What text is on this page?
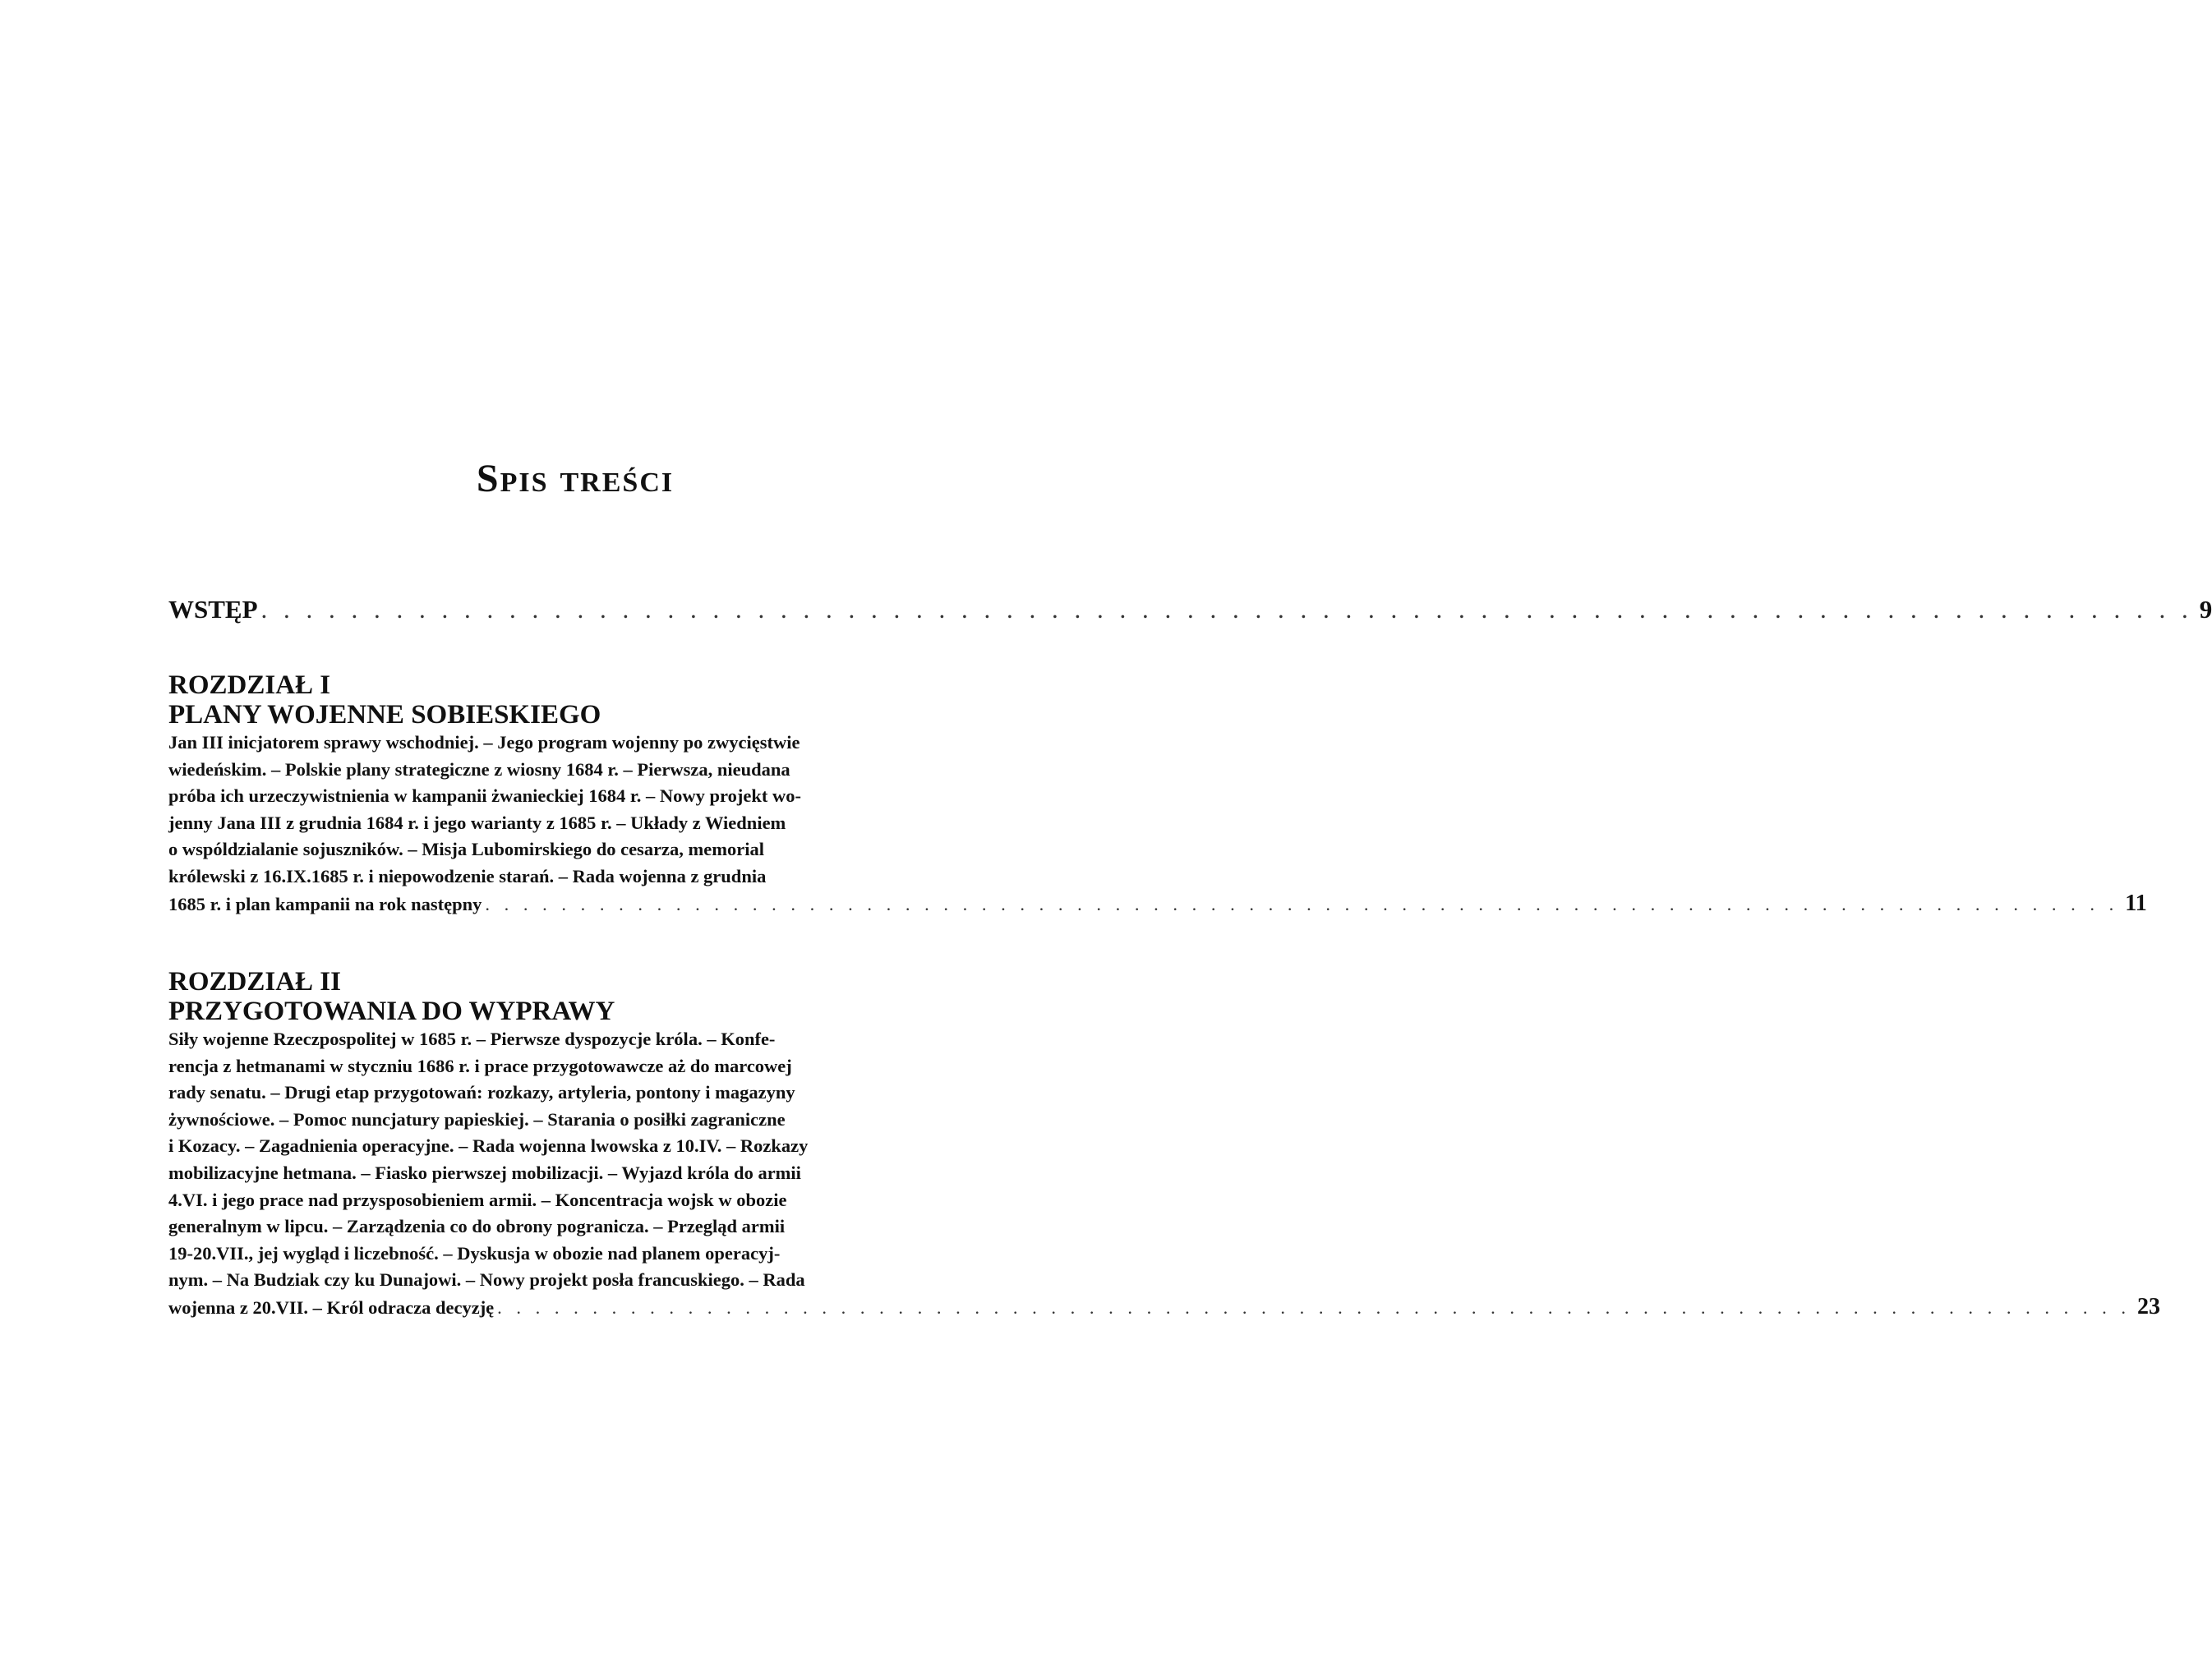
Spis treści
WSTĘP . . . . . . . . . . . . . . . . . . . . . . . . . . . . . . . . . . . . . . . . . . . . . . . . . . . . . . . . . . . . . . . . . . . . . . . . . . . . . . . . . . . . . . 9
ROZDZIAŁ I
PLANY WOJENNE SOBIESKIEGO
Jan III inicjatorem sprawy wschodniej. – Jego program wojenny po zwycięstwie
wiedeńskim. – Polskie plany strategiczne z wiosny 1684 r. – Pierwsza, nieudana
próba ich urzeczywistnienia w kampanii żwanieckiej 1684 r. – Nowy projekt wo-
jenny Jana III z grudnia 1684 r. i jego warianty z 1685 r. – Układy z Wiedniem
o wspóldzialanie sojuszników. – Misja Lubomirskiego do cesarza, memorial
królewski z 16.IX.1685 r. i niepowodzenie starań. – Rada wojenna z grudnia
1685 r. i plan kampanii na rok następny . . . . . . . . . . . . . . . . . . . . . . . . . . . . . . . . . . . . . . . . . . . . . . . . . . . . . . . . . . . . . . . . . . . . . . . . . . . . . . . . . . . . . . 11
ROZDZIAŁ II
PRZYGOTOWANIA DO WYPRAWY
Siły wojenne Rzeczpospolitej w 1685 r. – Pierwsze dyspozycje króla. – Konfe-
rencja z hetmanami w styczniu 1686 r. i prace przygotowawcze aż do marcowej
rady senatu. – Drugi etap przygotowań: rozkazy, artyleria, pontony i magazyny
żywnościowe. – Pomoc nuncjatury papieskiej. – Starania o posiłki zagraniczne
i Kozacy. – Zagadnienia operacyjne. – Rada wojenna lwowska z 10.IV. – Rozkazy
mobilizacyjne hetmana. – Fiasko pierwszej mobilizacji. – Wyjazd króla do armii
4.VI. i jego prace nad przysposobieniem armii. – Koncentracja wojsk w obozie
generalnym w lipcu. – Zarządzenia co do obrony pogranicza. – Przegląd armii
19-20.VII., jej wygląd i liczebność. – Dyskusja w obozie nad planem operacyj-
nym. – Na Budziak czy ku Dunajowi. – Nowy projekt posła francuskiego. – Rada
wojenna z 20.VII. – Król odracza decyzję . . . . . . . . . . . . . . . . . . . . . . . . . . . . . . . . . . . . . . . . . . . . . . . . . . . . . . . . . . . . . . . . . . . . . . . . . . . . . . . . . . . . . . 23
